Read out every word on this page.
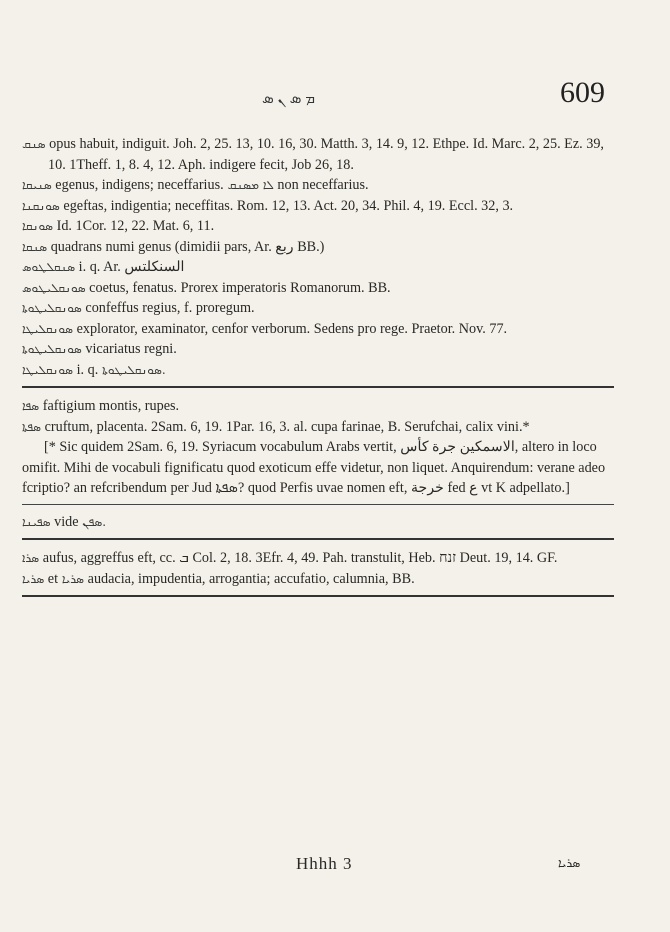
ܡ ܣ ܢ ܣ	609

ܣܢܩ opus habuit, indiguit. Joh. 2, 25. 13, 10. 16, 30. Matth. 3, 14. 9, 12. Ethpe. Id. Marc. 2, 25. Ez. 39, 10. 1Theff. 1, 8. 4, 12. Aph. indigere fecit, Job 26, 18.

ܣܢܝܩܐ egenus, indigens; neceffarius. ܠܐ ܡܣܢܩ non neceffarius.

ܣܘܢܩܢܐ egeftas, indigentia; neceffitas. Rom. 12, 13. Act. 20, 34. Phil. 4, 19. Eccl. 32, 3.

ܣܘܢܩܐ Id. 1Cor. 12, 22. Mat. 6, 11.

ܣܢܩܐ quadrans numi genus (dimidii pars, Ar. ربع BB.)

ܣܢܩܠܛܘܣ i. q. Ar. السنكلتس

ܣܘܢܩܠܝܛܘܣ coetus, fenatus. Prorex imperatoris Romanorum. BB.

ܣܘܢܩܠܝܛܘܬܐ confeffus regius, f. proregum.

ܣܘܢܩܠܝܛܐ explorator, examinator, cenfor verborum. Sedens pro rege. Praetor. Nov. 77.

ܣܘܢܩܠܝܛܘܬܐ vicariatus regni.

ܣܘܢܩܠܝܛܐ i. q. ܣܘܢܩܠܝܛܘܬܐ.

ܣܦܐ faftigium montis, rupes.

ܣܦܬܐ cruftum, placenta. 2Sam. 6, 19. 1Par. 16, 3. al. cupa farinae, B. Serufchai, calix vini.*

[* Sic quidem 2Sam. 6, 19. Syriacum vocabulum Arabs vertit, الاسمكين جرة كأس, altero in loco omifit. Mihi de vocabuli fignificatu quod exoticum effe videtur, non liquet. Anquirendum: verane adeo fcriptio? an refcribendum per Jud ܣܦܬܐ? quod Perfis uvae nomen eft, خرجة fed ع vt K adpellato.]

ܣܦܝܢܐ vide ܣܦܢ.

ܣܪܐ aufus, aggreffus eft, cc. ܒ Col. 2, 18. 3Efr. 4, 49. Pah. transtulit, Heb. זנח Deut. 19, 14. GF.

ܣܪܝܐ et ܣܪܝܐ audacia, impudentia, arrogantia; accufatio, calumnia, BB.

Hhhh 3	ܣܪܝܐ
